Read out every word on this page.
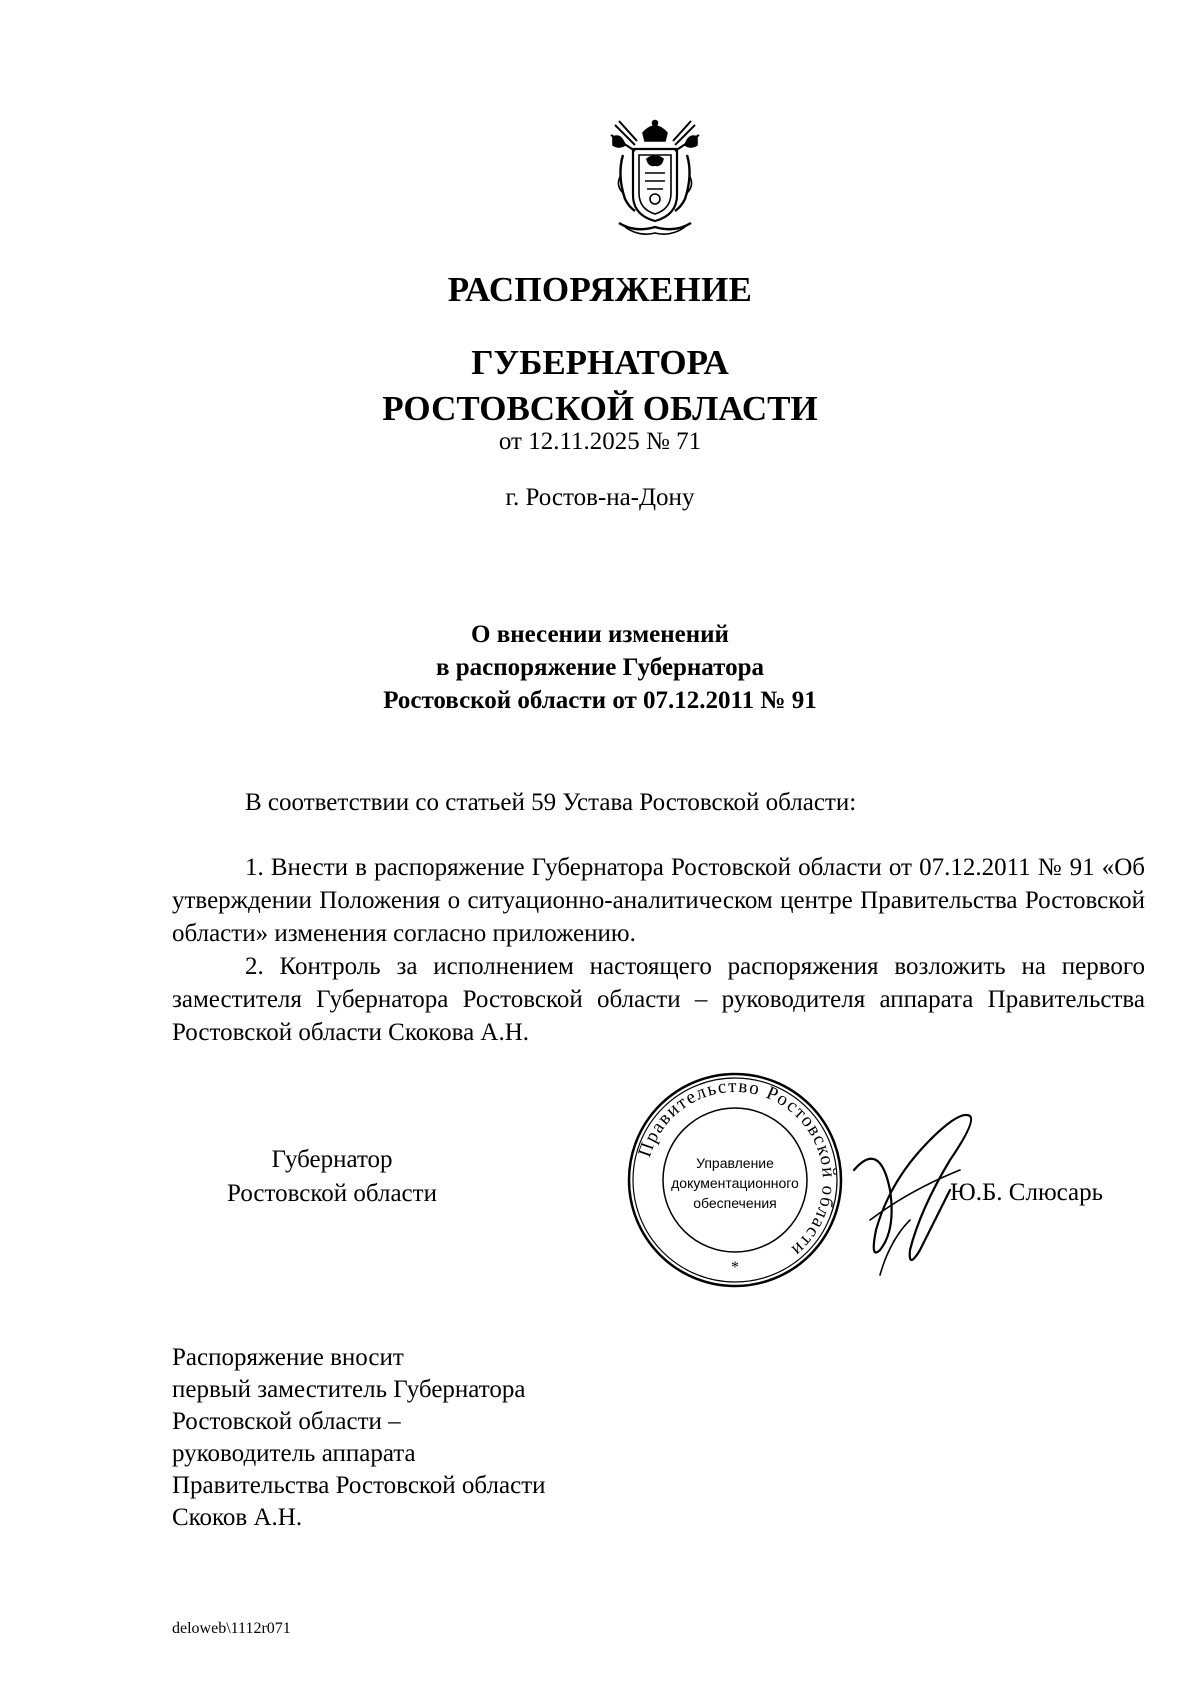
РАСПОРЯЖЕНИЕ
ГУБЕРНАТОРА
РОСТОВСКОЙ ОБЛАСТИ
от 12.11.2025 № 71
г. Ростов-на-Дону
О внесении изменений
в распоряжение Губернатора
Ростовской области от 07.12.2011 № 91

В соответствии со статьей 59 Устава Ростовской области:

1. Внести в распоряжение Губернатора Ростовской области от 07.12.2011 № 91 «Об утверждении Положения о ситуационно-аналитическом центре Правительства Ростовской области» изменения согласно приложению.

2. Контроль за исполнением настоящего распоряжения возложить на первого заместителя Губернатора Ростовской области – руководителя аппарата Правительства Ростовской области Скокова А.Н.

Губернатор
Ростовской области
Правительство Ростовской области
Управление
документационного
обеспечения
*
Ю.Б. Слюсарь
Распоряжение вносит
первый заместитель Губернатора
Ростовской области –
руководитель аппарата
Правительства Ростовской области
Скоков А.Н.
deloweb\1112r071
